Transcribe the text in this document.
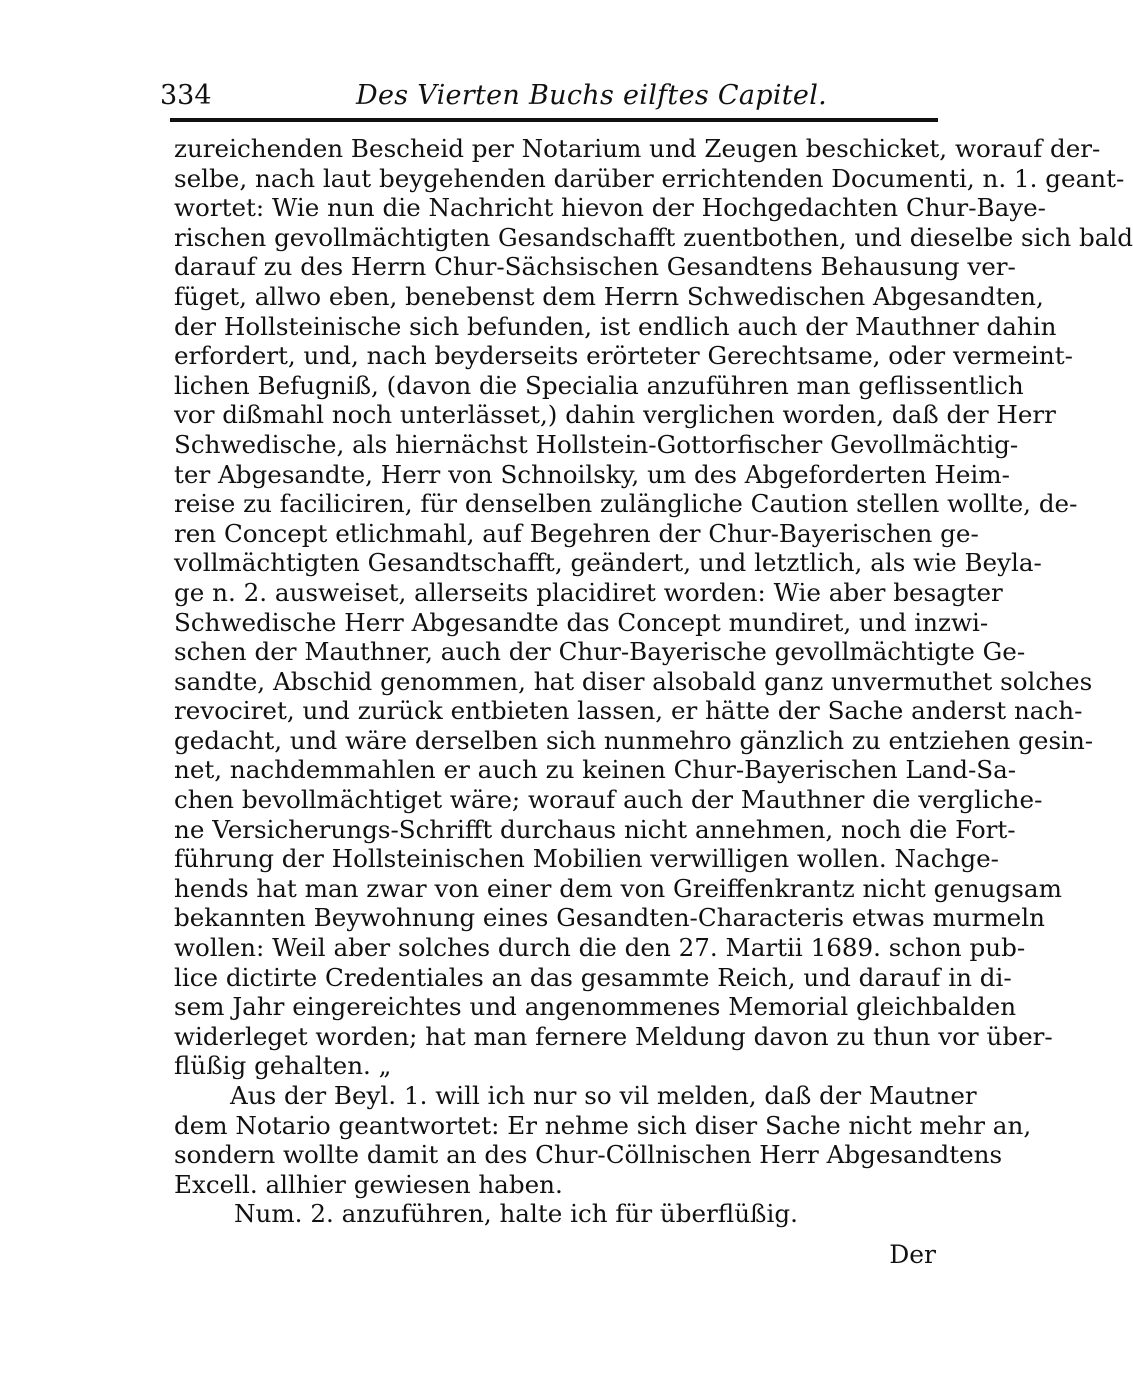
334	Des Vierten Buchs eilftes Capitel.
zureichenden Bescheid per Notarium und Zeugen beschicket, worauf der-
selbe, nach laut beygehenden darüber errichtenden Documenti, n. 1. geant-
wortet: Wie nun die Nachricht hievon der Hochgedachten Chur-Baye-
rischen gevollmächtigten Gesandschafft zuentbothen, und dieselbe sich bald
darauf zu des Herrn Chur-Sächsischen Gesandtens Behausung ver-
füget, allwo eben, benebenst dem Herrn Schwedischen Abgesandten,
der Hollsteinische sich befunden, ist endlich auch der Mauthner dahin
erfordert, und, nach beyderseits erörteter Gerechtsame, oder vermeint-
lichen Befugniß, (davon die Specialia anzuführen man geflissentlich
vor dißmahl noch unterlässet,) dahin verglichen worden, daß der Herr
Schwedische, als hiernächst Hollstein-Gottorfischer Gevollmächtig-
ter Abgesandte, Herr von Schnoilsky, um des Abgeforderten Heim-
reise zu faciliciren, für denselben zulängliche Caution stellen wollte, de-
ren Concept etlichmahl, auf Begehren der Chur-Bayerischen ge-
vollmächtigten Gesandtschafft, geändert, und letztlich, als wie Beyla-
ge n. 2. ausweiset, allerseits placidiret worden: Wie aber besagter
Schwedische Herr Abgesandte das Concept mundiret, und inzwi-
schen der Mauthner, auch der Chur-Bayerische gevollmächtigte Ge-
sandte, Abschid genommen, hat diser alsobald ganz unvermuthet solches
revociret, und zurück entbieten lassen, er hätte der Sache anderst nach-
gedacht, und wäre derselben sich nunmehro gänzlich zu entziehen gesin-
net, nachdemmahlen er auch zu keinen Chur-Bayerischen Land-Sa-
chen bevollmächtiget wäre; worauf auch der Mauthner die vergliche-
ne Versicherungs-Schrifft durchaus nicht annehmen, noch die Fort-
führung der Hollsteinischen Mobilien verwilligen wollen. Nachge-
hends hat man zwar von einer dem von Greiffenkrantz nicht genugsam
bekannten Beywohnung eines Gesandten-Characteris etwas murmeln
wollen: Weil aber solches durch die den 27. Martii 1689. schon pub-
lice dictirte Credentiales an das gesammte Reich, und darauf in di-
sem Jahr eingereichtes und angenommenes Memorial gleichbalden
widerleget worden; hat man fernere Meldung davon zu thun vor über-
flüßig gehalten. „
Aus der Beyl. 1. will ich nur so vil melden, daß der Mautner
dem Notario geantwortet: Er nehme sich diser Sache nicht mehr an,
sondern wollte damit an des Chur-Cöllnischen Herr Abgesandtens
Excell. allhier gewiesen haben.
Num. 2. anzuführen, halte ich für überflüßig.
Der
